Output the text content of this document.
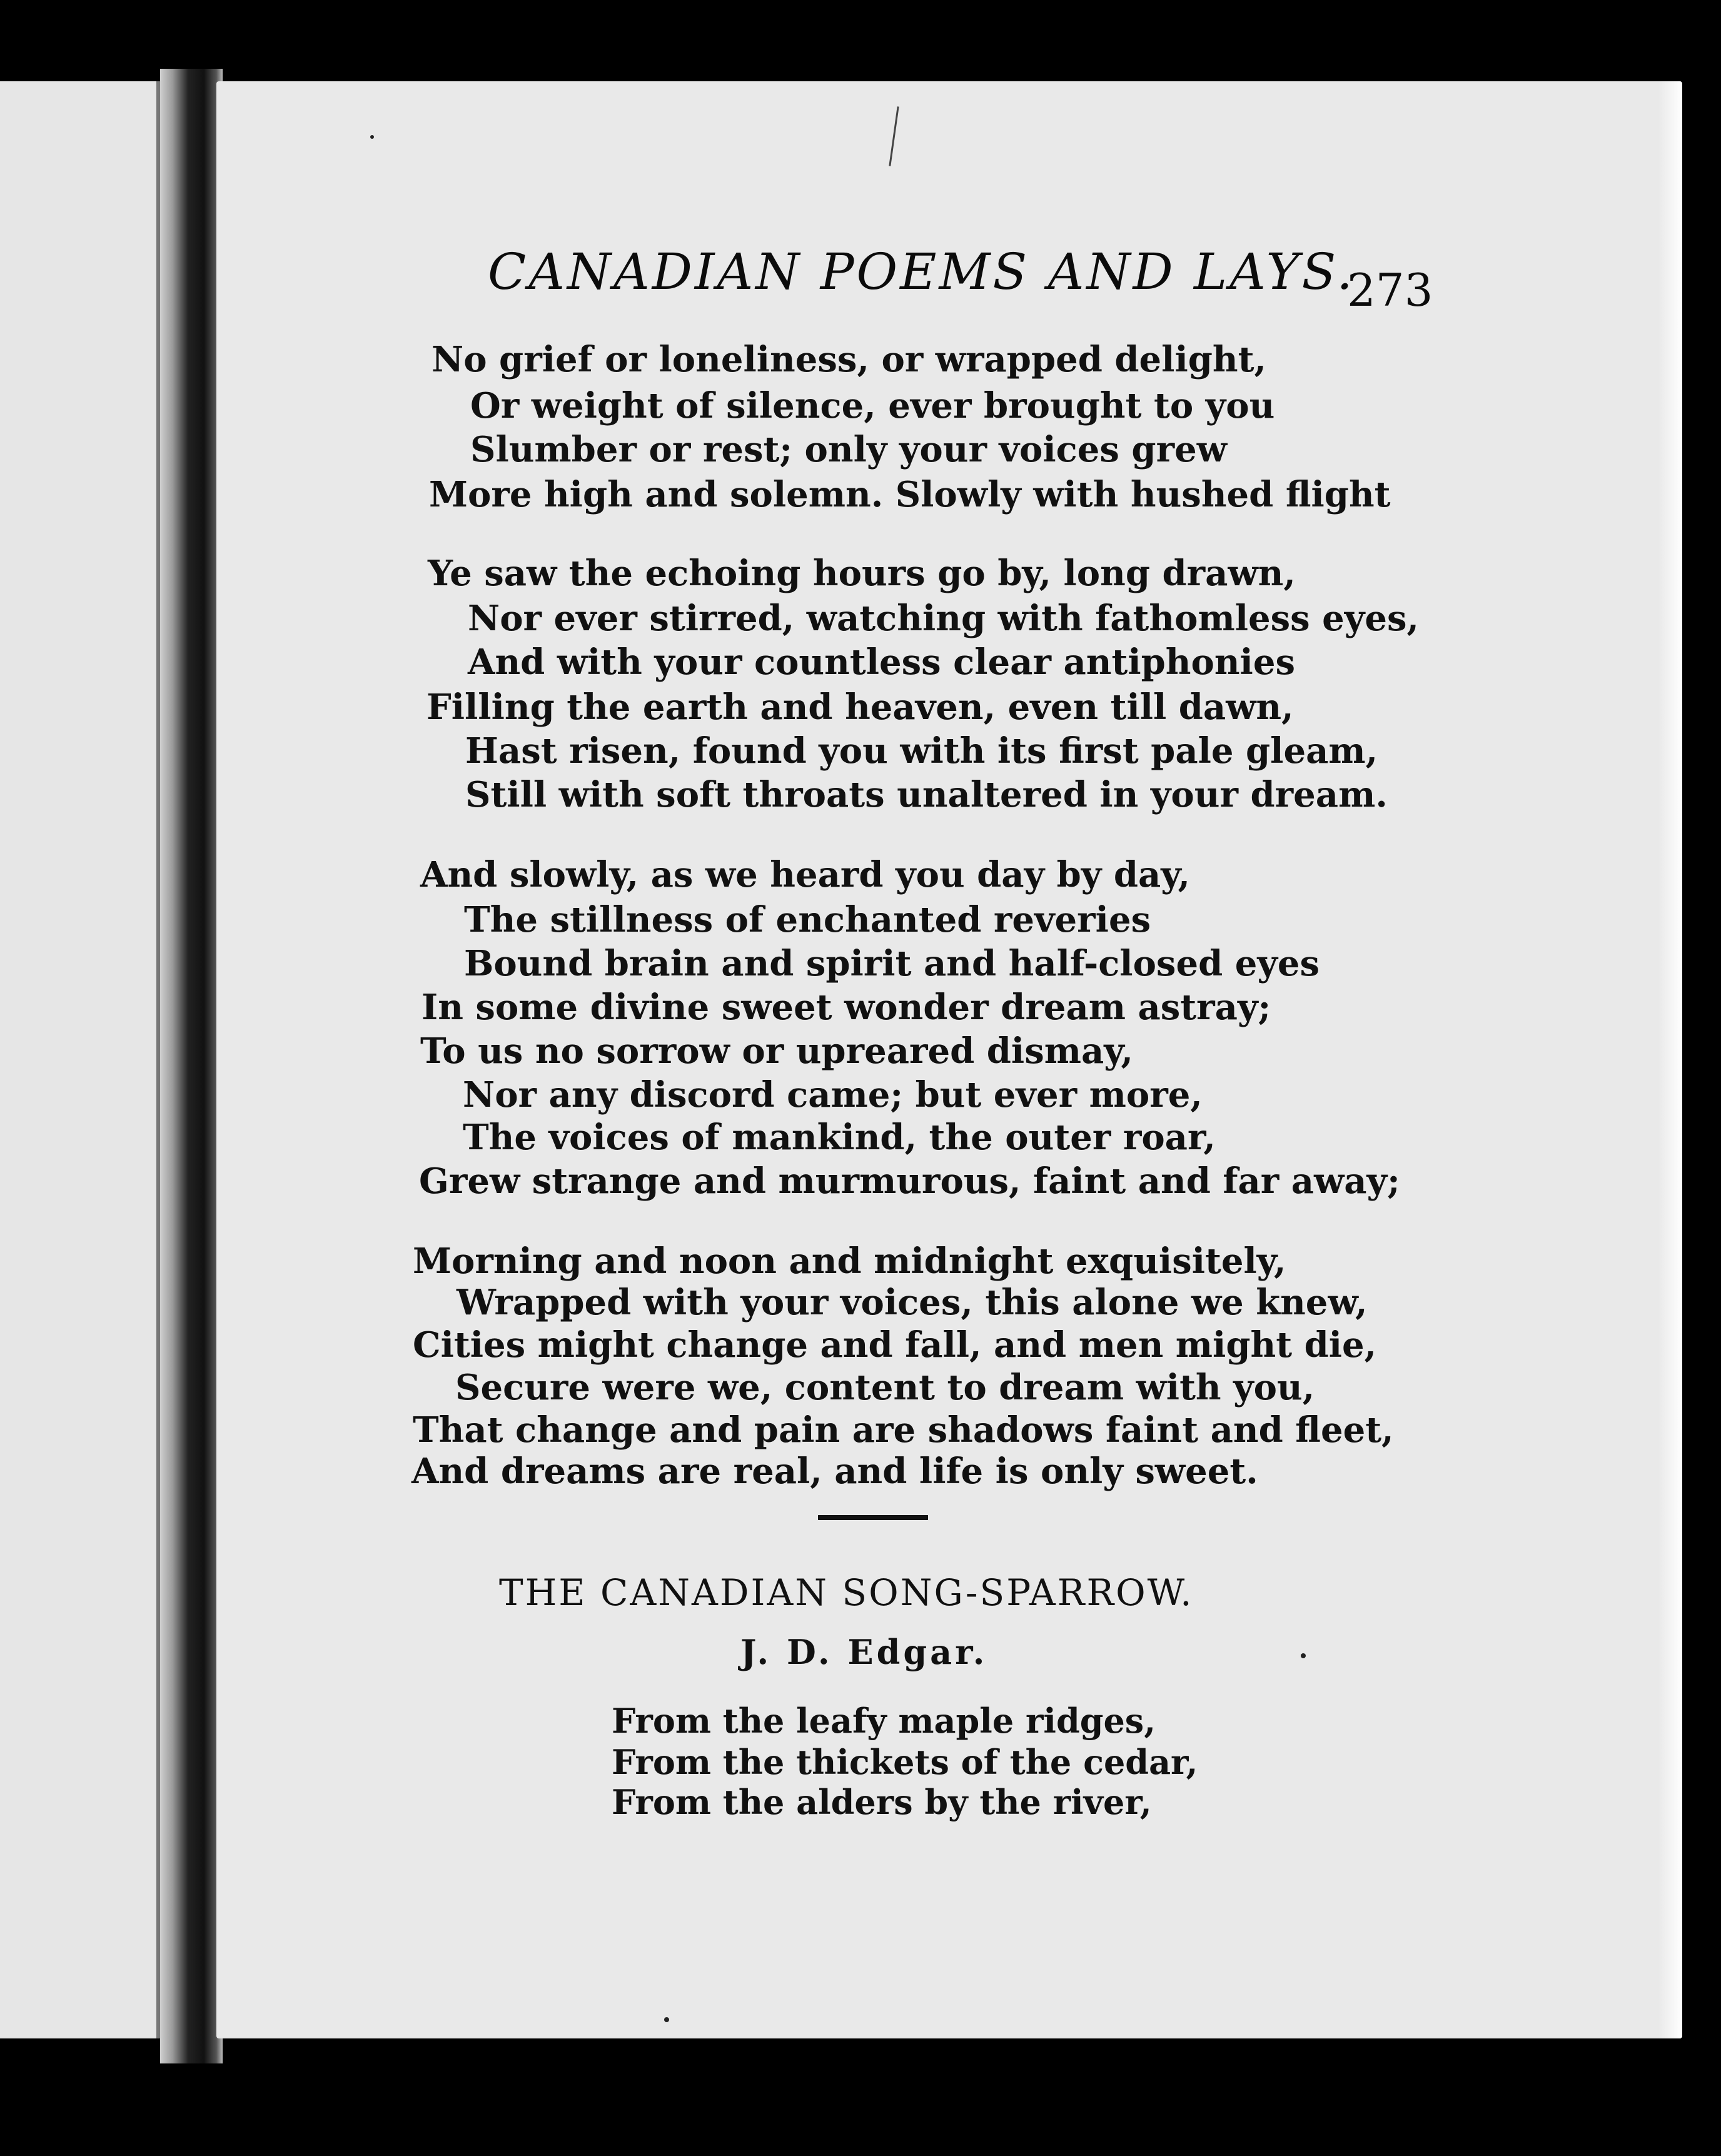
CANADIAN POEMS AND LAYS.
273
No grief or loneliness, or wrapped delight,
Or weight of silence, ever brought to you
Slumber or rest; only your voices grew
More high and solemn. Slowly with hushed flight
Ye saw the echoing hours go by, long drawn,
Nor ever stirred, watching with fathomless eyes,
And with your countless clear antiphonies
Filling the earth and heaven, even till dawn,
Hast risen, found you with its first pale gleam,
Still with soft throats unaltered in your dream.
And slowly, as we heard you day by day,
The stillness of enchanted reveries
Bound brain and spirit and half-closed eyes
In some divine sweet wonder dream astray;
To us no sorrow or upreared dismay,
Nor any discord came; but ever more,
The voices of mankind, the outer roar,
Grew strange and murmurous, faint and far away;
Morning and noon and midnight exquisitely,
Wrapped with your voices, this alone we knew,
Cities might change and fall, and men might die,
Secure were we, content to dream with you,
That change and pain are shadows faint and fleet,
And dreams are real, and life is only sweet.
THE CANADIAN SONG-SPARROW.
J. D. Edgar.
From the leafy maple ridges,
From the thickets of the cedar,
From the alders by the river,
